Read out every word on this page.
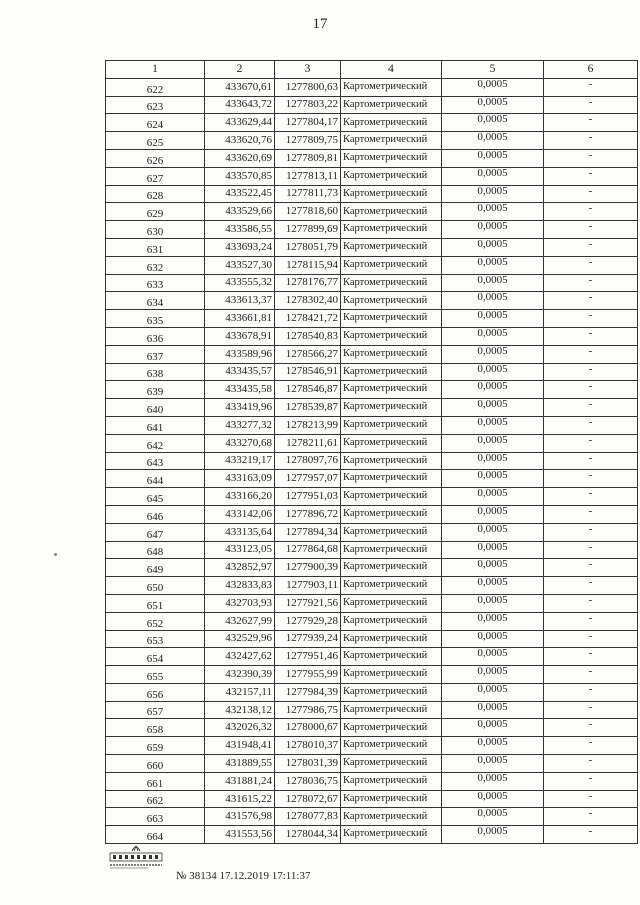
17
1	2	3	4	5	6
622	433670,61	1277800,63	Картометрический	0,0005	-
623	433643,72	1277803,22	Картометрический	0,0005	-
624	433629,44	1277804,17	Картометрический	0,0005	-
625	433620,76	1277809,75	Картометрический	0,0005	-
626	433620,69	1277809,81	Картометрический	0,0005	-
627	433570,85	1277813,11	Картометрический	0,0005	-
628	433522,45	1277811,73	Картометрический	0,0005	-
629	433529,66	1277818,60	Картометрический	0,0005	-
630	433586,55	1277899,69	Картометрический	0,0005	-
631	433693,24	1278051,79	Картометрический	0,0005	-
632	433527,30	1278115,94	Картометрический	0,0005	-
633	433555,32	1278176,77	Картометрический	0,0005	-
634	433613,37	1278302,40	Картометрический	0,0005	-
635	433661,81	1278421,72	Картометрический	0,0005	-
636	433678,91	1278540,83	Картометрический	0,0005	-
637	433589,96	1278566,27	Картометрический	0,0005	-
638	433435,57	1278546,91	Картометрический	0,0005	-
639	433435,58	1278546,87	Картометрический	0,0005	-
640	433419,96	1278539,87	Картометрический	0,0005	-
641	433277,32	1278213,99	Картометрический	0,0005	-
642	433270,68	1278211,61	Картометрический	0,0005	-
643	433219,17	1278097,76	Картометрический	0,0005	-
644	433163,09	1277957,07	Картометрический	0,0005	-
645	433166,20	1277951,03	Картометрический	0,0005	-
646	433142,06	1277896,72	Картометрический	0,0005	-
647	433135,64	1277894,34	Картометрический	0,0005	-
648	433123,05	1277864,68	Картометрический	0,0005	-
649	432852,97	1277900,39	Картометрический	0,0005	-
650	432833,83	1277903,11	Картометрический	0,0005	-
651	432703,93	1277921,56	Картометрический	0,0005	-
652	432627,99	1277929,28	Картометрический	0,0005	-
653	432529,96	1277939,24	Картометрический	0,0005	-
654	432427,62	1277951,46	Картометрический	0,0005	-
655	432390,39	1277955,99	Картометрический	0,0005	-
656	432157,11	1277984,39	Картометрический	0,0005	-
657	432138,12	1277986,75	Картометрический	0,0005	-
658	432026,32	1278000,67	Картометрический	0,0005	-
659	431948,41	1278010,37	Картометрический	0,0005	-
660	431889,55	1278031,39	Картометрический	0,0005	-
661	431881,24	1278036,75	Картометрический	0,0005	-
662	431615,22	1278072,67	Картометрический	0,0005	-
663	431576,98	1278077,83	Картометрический	0,0005	-
664	431553,56	1278044,34	Картометрический	0,0005	-
№ 38134 17.12.2019 17:11:37
